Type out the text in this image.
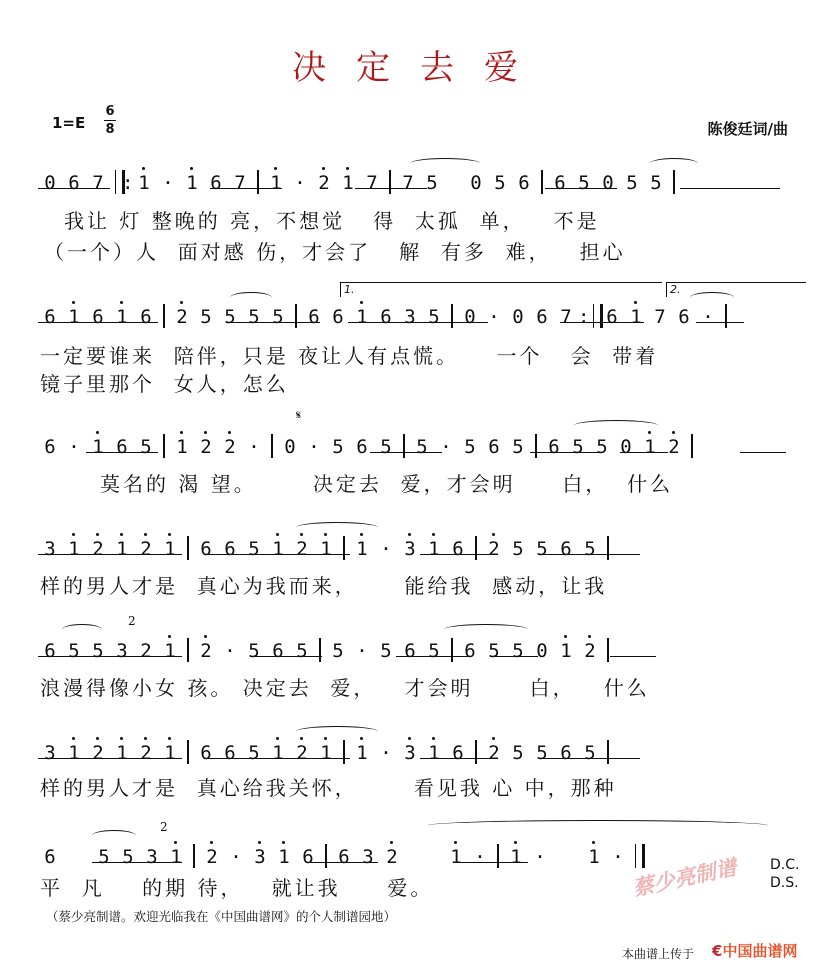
决定去爱
1=E
6
8	陈俊廷词/曲
0 6 7 : 1 · 1 6 7	1 · 2 1 7	7 5	0 5 6	6 5 0 5 5
我让 灯 整晚的 亮，不想觉   得  太孤  单，   不是
（一个）人  面对感 伤，才会了   解  有多  难，   担心
1.	2.
6 1 6 1 6	2 5 5 5 5	6 6 1 6 3 5	0 · 0 6 7 : 6 1 7 6 ·
一定要谁来  陪伴，只是 夜让人有点慌。    一个   会  带着
镜子里那个  女人，怎么
𝄋
6 · 1 6 5	1 2 2 ·	0 · 5 6 5	5 · 5 6 5	6 5 5 0 1 2
莫名的 渴 望。      决定去  爱，才会明     白，  什么
3 1 2 1 2 1	6 6 5 1 2 1	1 · 3 1 6	2 5 5 6 5
样的男人才是  真心为我而来，     能给我  感动，让我
2
6 5 5 3 2 1	2 · 5 6 5	5 · 5 6 5	6 5 5 0 1 2
浪漫得像小女 孩。 决定去  爱，   才会明      白，   什么
3 1 2 1 2 1	6 6 5 1 2 1	1 · 3 1 6	2 5 5 6 5
样的男人才是  真心给我关怀，      看见我 心 中，那种
2
6	5 5 3 1	2 · 3 1 6	6 3 2	1 ·	1 ·	1 ·
平  凡    的期 待，   就让我     爱。
D.C.
D.S.
蔡少亮制谱
（蔡少亮制谱。欢迎光临我在《中国曲谱网》的个人制谱园地）
本曲谱上传于 €中国曲谱网
